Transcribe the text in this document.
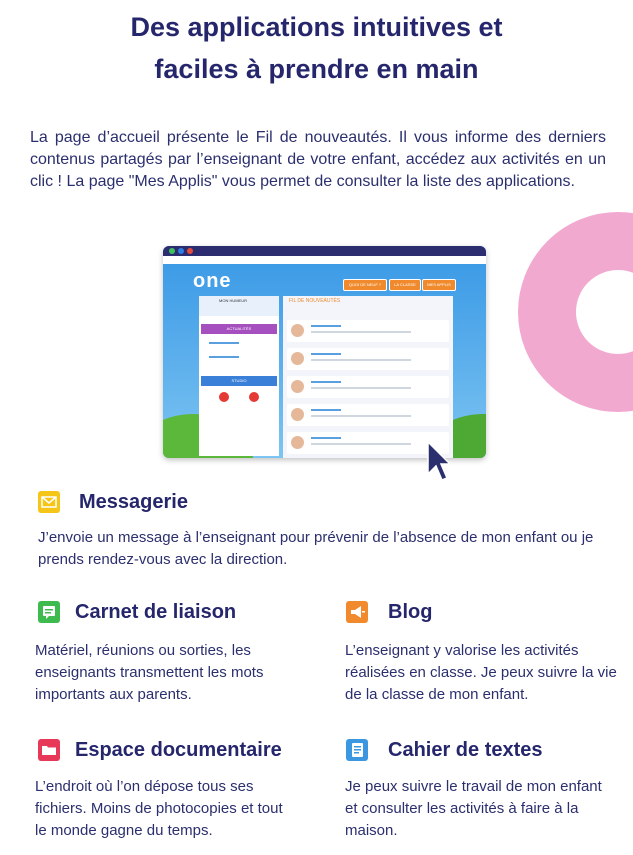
Des applications intuitives et
faciles à prendre en main
La page d’accueil présente le Fil de nouveautés. Il vous informe des derniers contenus partagés par l’enseignant de votre enfant, accédez aux activités en un clic ! La page "Mes Applis" vous permet de consulter la liste des applications.
one	QUOI DE NEUF ?	LA CLASSE	MES APPLIS
MON HUMEUR
ACTUALITÉS
STUDIO
FIL DE NOUVEAUTÉS
Messagerie
J’envoie un message à l’enseignant pour prévenir de l’absence de mon enfant ou je prends rendez-vous avec la direction.
Carnet de liaison
Matériel, réunions ou sorties, les enseignants transmettent les mots importants aux parents.
Blog
L’enseignant y valorise les activités réalisées en classe. Je peux suivre la vie de la classe de mon enfant.
Espace documentaire
L’endroit où l’on dépose tous ses fichiers. Moins de photocopies et tout le monde gagne du temps.
Cahier de textes
Je peux suivre le travail de mon enfant et consulter les activités à faire à la maison.
